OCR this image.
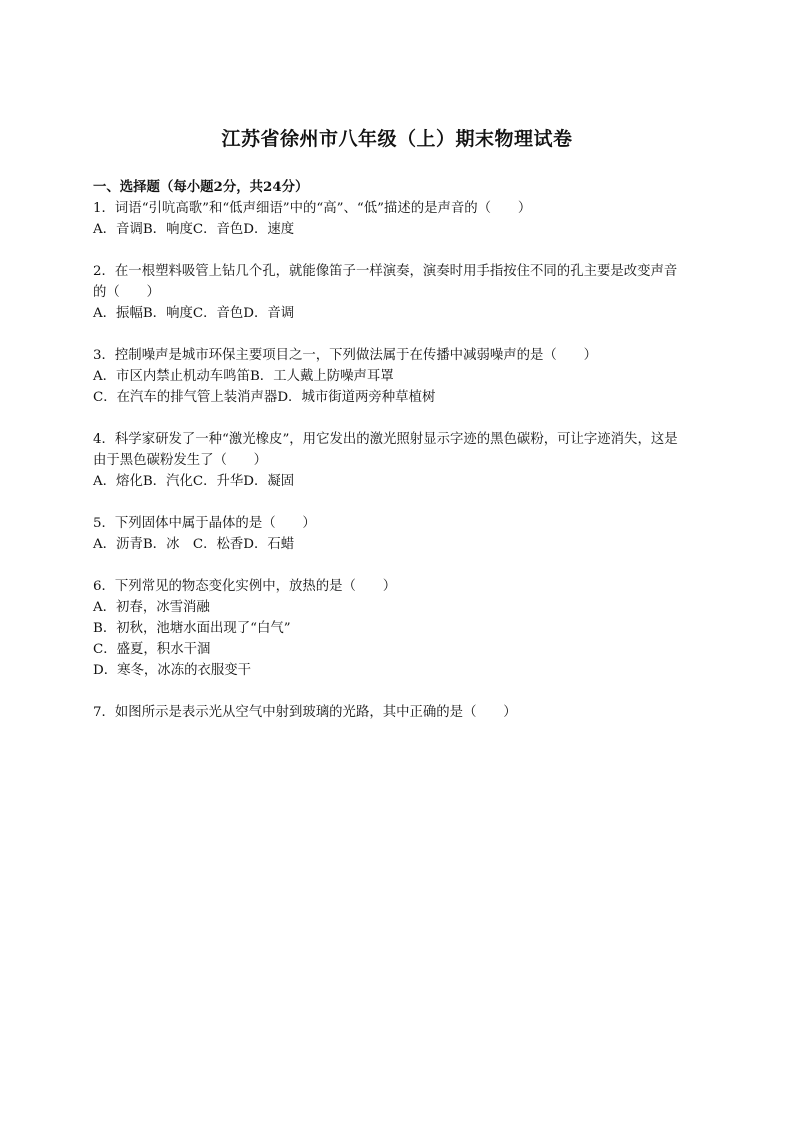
江苏省徐州市八年级（上）期末物理试卷
一、选择题（每小题2分，共24分）
1．词语“引吭高歌”和“低声细语”中的“高”、“低”描述的是声音的（　　）
A．音调B．响度C．音色D．速度
2．在一根塑料吸管上钻几个孔，就能像笛子一样演奏，演奏时用手指按住不同的孔主要是改变声音
的（　　）
A．振幅B．响度C．音色D．音调
3．控制噪声是城市环保主要项目之一，下列做法属于在传播中减弱噪声的是（　　）
A．市区内禁止机动车鸣笛B．工人戴上防噪声耳罩
C．在汽车的排气管上装消声器D．城市街道两旁种草植树
4．科学家研发了一种“激光橡皮”，用它发出的激光照射显示字迹的黑色碳粉，可让字迹消失，这是
由于黑色碳粉发生了（　　）
A．熔化B．汽化C．升华D．凝固
5．下列固体中属于晶体的是（　　）
A．沥青B．冰　C．松香D．石蜡
6．下列常见的物态变化实例中，放热的是（　　）
A．初春，冰雪消融
B．初秋，池塘水面出现了“白气”
C．盛夏，积水干涸
D．寒冬，冰冻的衣服变干
7．如图所示是表示光从空气中射到玻璃的光路，其中正确的是（　　）
